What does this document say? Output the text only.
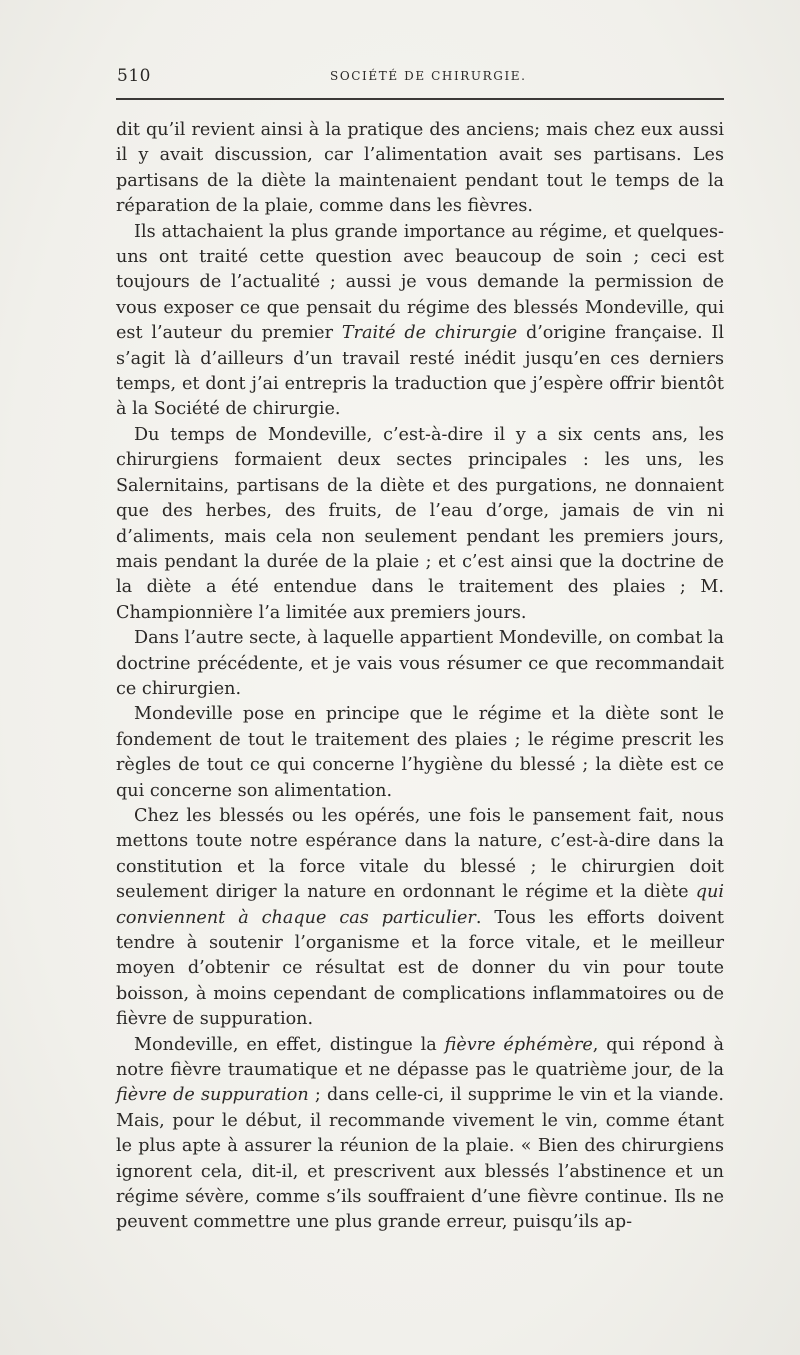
510	SOCIÉTÉ DE CHIRURGIE.

dit qu’il revient ainsi à la pratique des anciens; mais chez eux aussi il y avait discussion, car l’alimentation avait ses partisans. Les partisans de la diète la maintenaient pendant tout le temps de la réparation de la plaie, comme dans les fièvres.

Ils attachaient la plus grande importance au régime, et quelques-uns ont traité cette question avec beaucoup de soin ; ceci est toujours de l’actualité ; aussi je vous demande la permission de vous exposer ce que pensait du régime des blessés Mondeville, qui est l’auteur du premier Traité de chirurgie d’origine française. Il s’agit là d’ailleurs d’un travail resté inédit jusqu’en ces derniers temps, et dont j’ai entrepris la traduction que j’espère offrir bientôt à la Société de chirurgie.

Du temps de Mondeville, c’est-à-dire il y a six cents ans, les chirurgiens formaient deux sectes principales : les uns, les Salernitains, partisans de la diète et des purgations, ne donnaient que des herbes, des fruits, de l’eau d’orge, jamais de vin ni d’aliments, mais cela non seulement pendant les premiers jours, mais pendant la durée de la plaie ; et c’est ainsi que la doctrine de la diète a été entendue dans le traitement des plaies ; M. Championnière l’a limitée aux premiers jours.

Dans l’autre secte, à laquelle appartient Mondeville, on combat la doctrine précédente, et je vais vous résumer ce que recommandait ce chirurgien.

Mondeville pose en principe que le régime et la diète sont le fondement de tout le traitement des plaies ; le régime prescrit les règles de tout ce qui concerne l’hygiène du blessé ; la diète est ce qui concerne son alimentation.

Chez les blessés ou les opérés, une fois le pansement fait, nous mettons toute notre espérance dans la nature, c’est-à-dire dans la constitution et la force vitale du blessé ; le chirurgien doit seulement diriger la nature en ordonnant le régime et la diète qui conviennent à chaque cas particulier. Tous les efforts doivent tendre à soutenir l’organisme et la force vitale, et le meilleur moyen d’obtenir ce résultat est de donner du vin pour toute boisson, à moins cependant de complications inflammatoires ou de fièvre de suppuration.

Mondeville, en effet, distingue la fièvre éphémère, qui répond à notre fièvre traumatique et ne dépasse pas le quatrième jour, de la fièvre de suppuration ; dans celle-ci, il supprime le vin et la viande. Mais, pour le début, il recommande vivement le vin, comme étant le plus apte à assurer la réunion de la plaie. « Bien des chirurgiens ignorent cela, dit-il, et prescrivent aux blessés l’abstinence et un régime sévère, comme s’ils souffraient d’une fièvre continue. Ils ne peuvent commettre une plus grande erreur, puisqu’ils ap-
